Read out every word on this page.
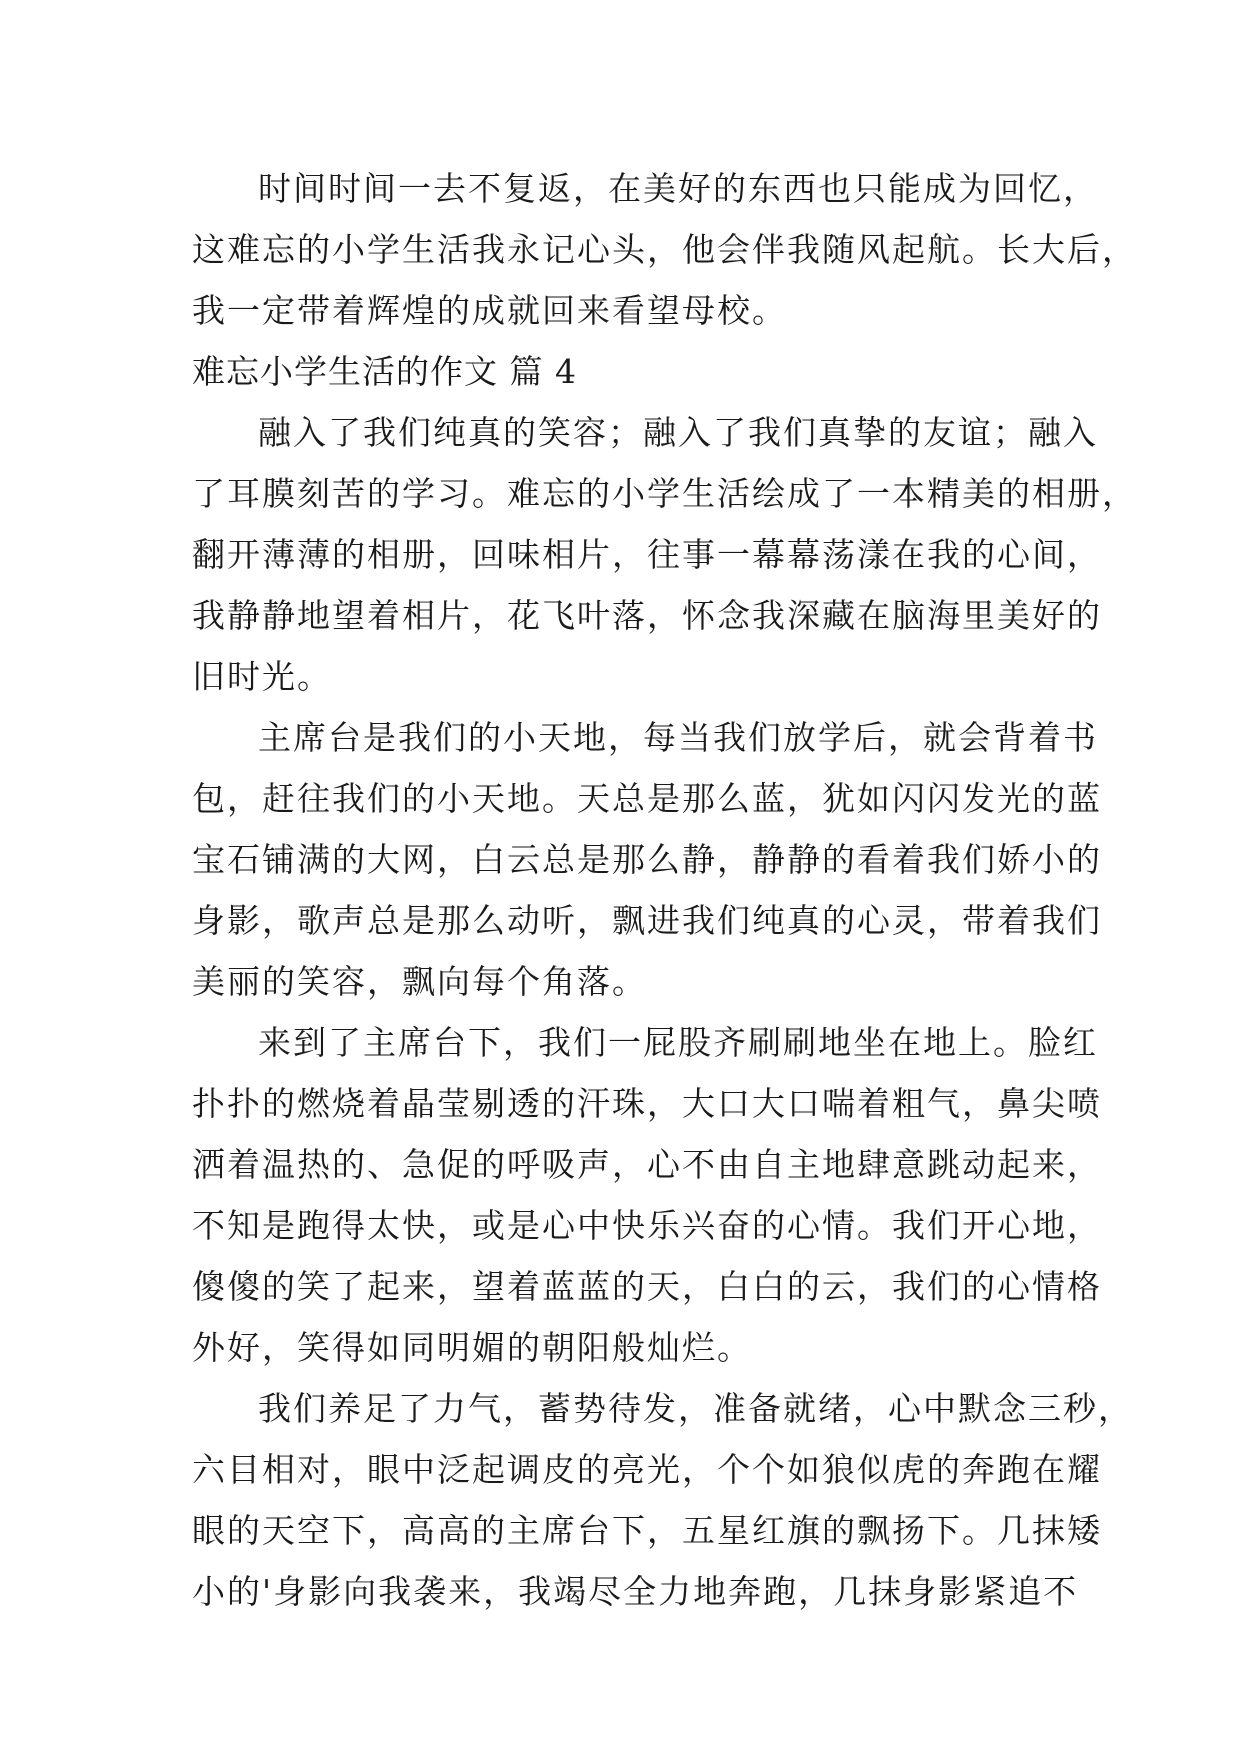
时间时间一去不复返，在美好的东西也只能成为回忆，
这难忘的小学生活我永记心头，他会伴我随风起航。长大后，
我一定带着辉煌的成就回来看望母校。
难忘小学生活的作文 篇 4
融入了我们纯真的笑容；融入了我们真挚的友谊；融入
了耳膜刻苦的学习。难忘的小学生活绘成了一本精美的相册，
翻开薄薄的相册，回味相片，往事一幕幕荡漾在我的心间，
我静静地望着相片，花飞叶落，怀念我深藏在脑海里美好的
旧时光。
主席台是我们的小天地，每当我们放学后，就会背着书
包，赶往我们的小天地。天总是那么蓝，犹如闪闪发光的蓝
宝石铺满的大网，白云总是那么静，静静的看着我们娇小的
身影，歌声总是那么动听，飘进我们纯真的心灵，带着我们
美丽的笑容，飘向每个角落。
来到了主席台下，我们一屁股齐刷刷地坐在地上。脸红
扑扑的燃烧着晶莹剔透的汗珠，大口大口喘着粗气，鼻尖喷
洒着温热的、急促的呼吸声，心不由自主地肆意跳动起来，
不知是跑得太快，或是心中快乐兴奋的心情。我们开心地，
傻傻的笑了起来，望着蓝蓝的天，白白的云，我们的心情格
外好，笑得如同明媚的朝阳般灿烂。
我们养足了力气，蓄势待发，准备就绪，心中默念三秒，
六目相对，眼中泛起调皮的亮光，个个如狼似虎的奔跑在耀
眼的天空下，高高的主席台下，五星红旗的飘扬下。几抹矮
小的'身影向我袭来，我竭尽全力地奔跑，几抹身影紧追不
